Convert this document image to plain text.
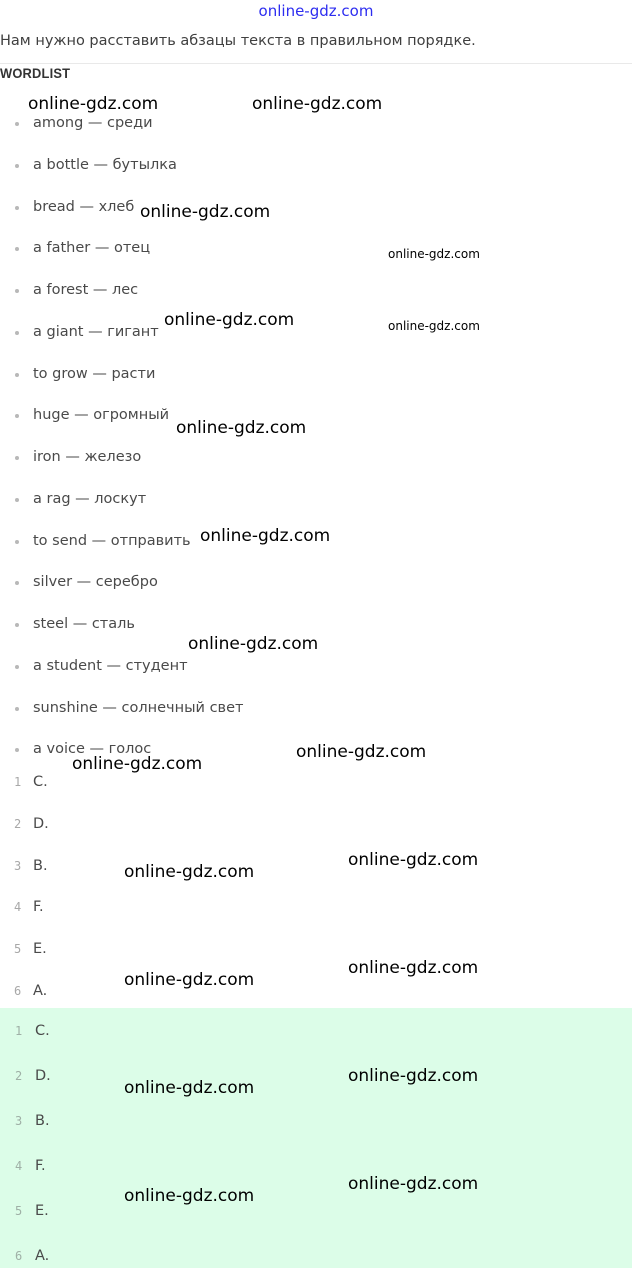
online-gdz.com
Нам нужно расставить абзацы текста в правильном порядке.
WORDLIST
among — среди
a bottle — бутылка
bread — хлеб
a father — отец
a forest — лес
a giant — гигант
to grow — расти
huge — огромный
iron — железо
a rag — лоскут
to send — отправить
silver — серебро
steel — сталь
a student — студент
sunshine — солнечный свет
a voice — голос
1 C.
2 D.
3 B.
4 F.
5 E.
6 A.
1 C.
2 D.
3 B.
4 F.
5 E.
6 A.
online-gdz.com	online-gdz.com
online-gdz.com
online-gdz.com
online-gdz.com	online-gdz.com
online-gdz.com
online-gdz.com
online-gdz.com
online-gdz.com
online-gdz.com
online-gdz.com
online-gdz.com
online-gdz.com
online-gdz.com
online-gdz.com
online-gdz.com
online-gdz.com
online-gdz.com
